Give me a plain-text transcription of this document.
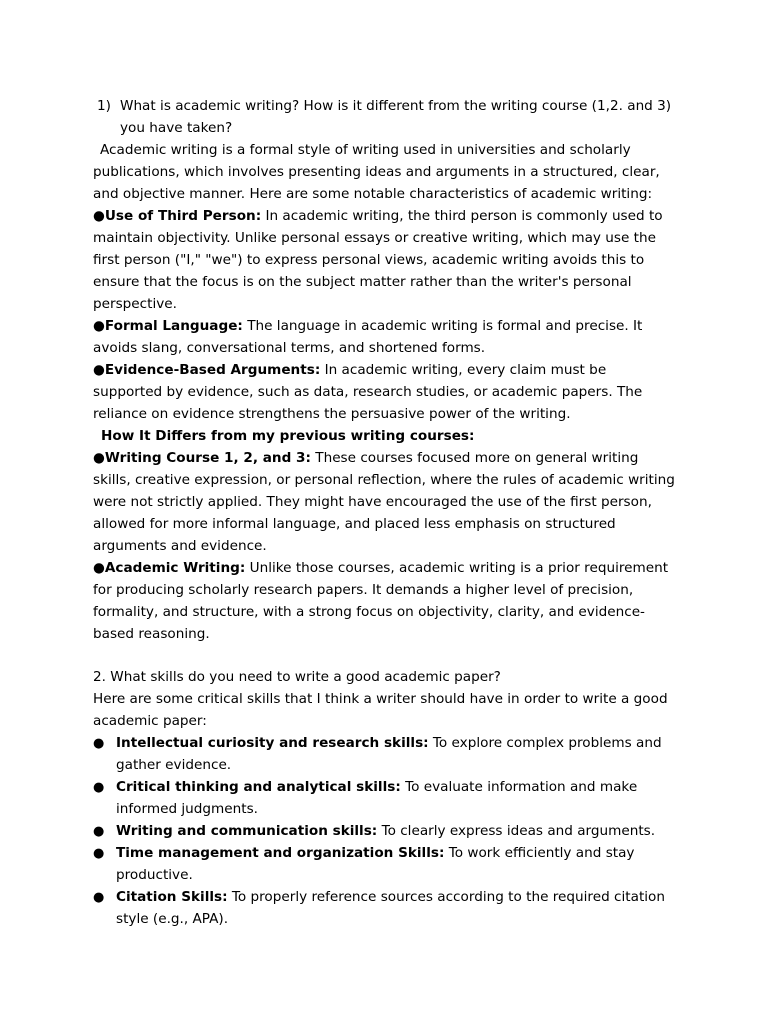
1) What is academic writing? How is it different from the writing course (1,2. and 3)
you have taken?
Academic writing is a formal style of writing used in universities and scholarly
publications, which involves presenting ideas and arguments in a structured, clear,
and objective manner. Here are some notable characteristics of academic writing:
●Use of Third Person: In academic writing, the third person is commonly used to
maintain objectivity. Unlike personal essays or creative writing, which may use the
first person ("I," "we") to express personal views, academic writing avoids this to
ensure that the focus is on the subject matter rather than the writer's personal
perspective.
●Formal Language: The language in academic writing is formal and precise. It
avoids slang, conversational terms, and shortened forms.
●Evidence-Based Arguments: In academic writing, every claim must be
supported by evidence, such as data, research studies, or academic papers. The
reliance on evidence strengthens the persuasive power of the writing.
How It Differs from my previous writing courses:
●Writing Course 1, 2, and 3: These courses focused more on general writing
skills, creative expression, or personal reflection, where the rules of academic writing
were not strictly applied. They might have encouraged the use of the first person,
allowed for more informal language, and placed less emphasis on structured
arguments and evidence.
●Academic Writing: Unlike those courses, academic writing is a prior requirement
for producing scholarly research papers. It demands a higher level of precision,
formality, and structure, with a strong focus on objectivity, clarity, and evidence-
based reasoning.
2. What skills do you need to write a good academic paper?
Here are some critical skills that I think a writer should have in order to write a good
academic paper:
● Intellectual curiosity and research skills: To explore complex problems and
gather evidence.
● Critical thinking and analytical skills: To evaluate information and make
informed judgments.
● Writing and communication skills: To clearly express ideas and arguments.
● Time management and organization Skills: To work efficiently and stay
productive.
● Citation Skills: To properly reference sources according to the required citation
style (e.g., APA).
